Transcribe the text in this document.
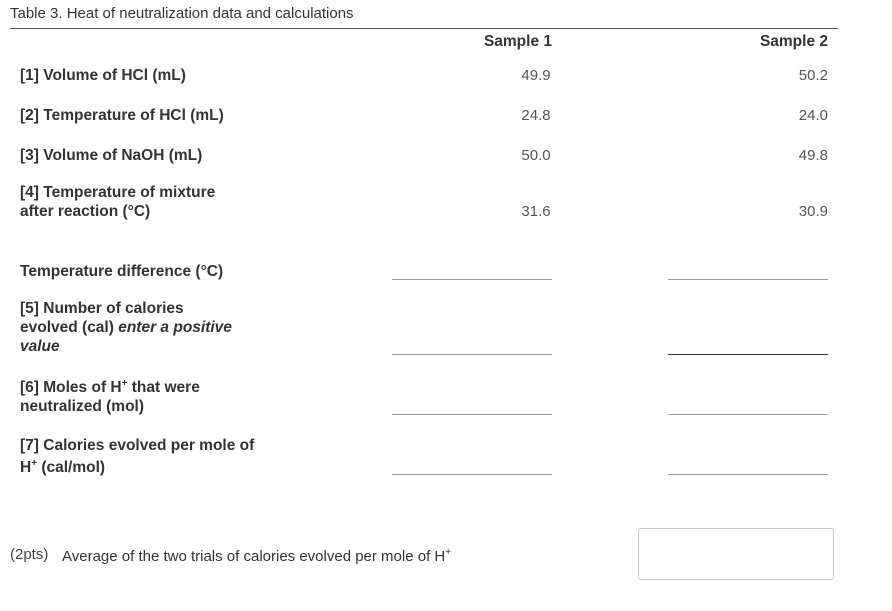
Table 3. Heat of neutralization data and calculations
Sample 1	Sample 2
[1] Volume of HCl (mL)	49.9	50.2
[2] Temperature of HCl (mL)	24.8	24.0
[3] Volume of NaOH (mL)	50.0	49.8
[4] Temperature of mixture
after reaction (°C)	31.6	30.9
Temperature difference (°C)
[5] Number of calories
evolved (cal) enter a positive
value
[6] Moles of H+ that were
neutralized (mol)
[7] Calories evolved per mole of
H+ (cal/mol)
(2pts) Average of the two trials of calories evolved per mole of H+
